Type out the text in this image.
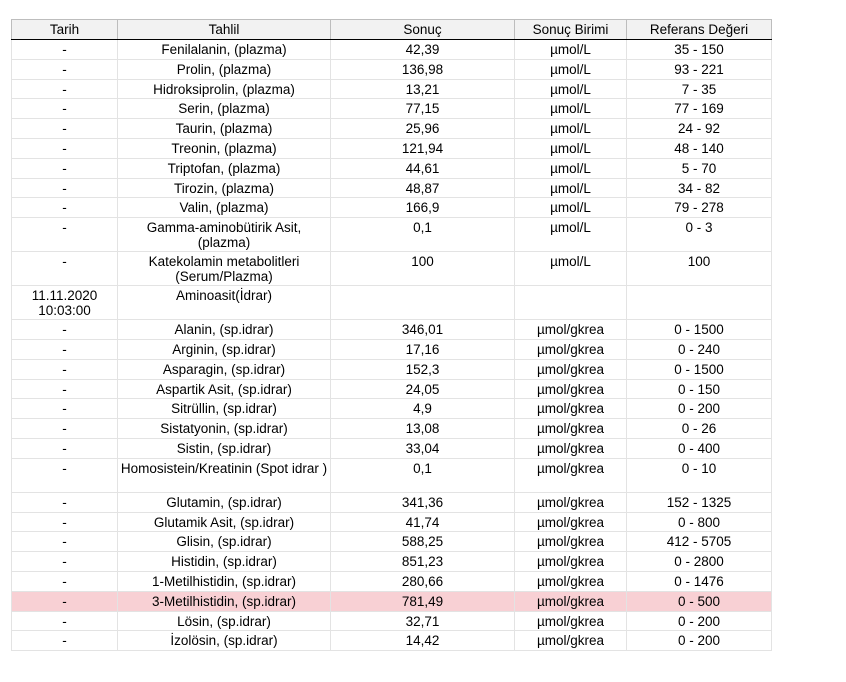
Tarih	Tahlil	Sonuç	Sonuç Birimi	Referans Değeri
-	Fenilalanin, (plazma)	42,39	µmol/L	35 - 150
-	Prolin, (plazma)	136,98	µmol/L	93 - 221
-	Hidroksiprolin, (plazma)	13,21	µmol/L	7 - 35
-	Serin, (plazma)	77,15	µmol/L	77 - 169
-	Taurin, (plazma)	25,96	µmol/L	24 - 92
-	Treonin, (plazma)	121,94	µmol/L	48 - 140
-	Triptofan, (plazma)	44,61	µmol/L	5 - 70
-	Tirozin, (plazma)	48,87	µmol/L	34 - 82
-	Valin, (plazma)	166,9	µmol/L	79 - 278
-	Gamma-aminobütirik Asit, (plazma)	0,1	µmol/L	0 - 3
-	Katekolamin metabolitleri (Serum/Plazma)	100	µmol/L	100
11.11.2020 10:03:00	Aminoasit(İdrar)			
-	Alanin, (sp.idrar)	346,01	µmol/gkrea	0 - 1500
-	Arginin, (sp.idrar)	17,16	µmol/gkrea	0 - 240
-	Asparagin, (sp.idrar)	152,3	µmol/gkrea	0 - 1500
-	Aspartik Asit, (sp.idrar)	24,05	µmol/gkrea	0 - 150
-	Sitrüllin, (sp.idrar)	4,9	µmol/gkrea	0 - 200
-	Sistatyonin, (sp.idrar)	13,08	µmol/gkrea	0 - 26
-	Sistin, (sp.idrar)	33,04	µmol/gkrea	0 - 400
-	Homosistein/Kreatinin (Spot idrar )	0,1	µmol/gkrea	0 - 10
-	Glutamin, (sp.idrar)	341,36	µmol/gkrea	152 - 1325
-	Glutamik Asit, (sp.idrar)	41,74	µmol/gkrea	0 - 800
-	Glisin, (sp.idrar)	588,25	µmol/gkrea	412 - 5705
-	Histidin, (sp.idrar)	851,23	µmol/gkrea	0 - 2800
-	1-Metilhistidin, (sp.idrar)	280,66	µmol/gkrea	0 - 1476
-	3-Metilhistidin, (sp.idrar)	781,49	µmol/gkrea	0 - 500
-	Lösin, (sp.idrar)	32,71	µmol/gkrea	0 - 200
-	İzolösin, (sp.idrar)	14,42	µmol/gkrea	0 - 200
